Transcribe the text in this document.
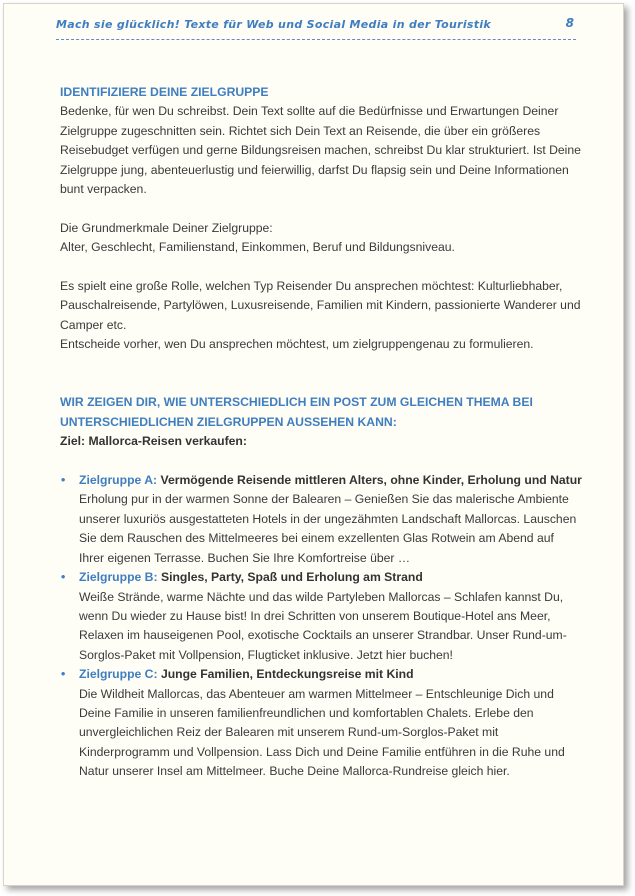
Mach sie glücklich! Texte für Web und Social Media in der Touristik	8
IDENTIFIZIERE DEINE ZIELGRUPPE

Bedenke, für wen Du schreibst. Dein Text sollte auf die Bedürfnisse und Erwartungen Deiner Zielgruppe zugeschnitten sein. Richtet sich Dein Text an Reisende, die über ein größeres Reisebudget verfügen und gerne Bildungsreisen machen, schreibst Du klar strukturiert. Ist Deine Zielgruppe jung, abenteuerlustig und feierwillig, darfst Du flapsig sein und Deine Informationen bunt verpacken.

Die Grundmerkmale Deiner Zielgruppe:

Alter, Geschlecht, Familienstand, Einkommen, Beruf und Bildungsniveau.

Es spielt eine große Rolle, welchen Typ Reisender Du ansprechen möchtest: Kulturliebhaber, Pauschalreisende, Partylöwen, Luxusreisende, Familien mit Kindern, passionierte Wanderer und Camper etc.

Entscheide vorher, wen Du ansprechen möchtest, um zielgruppengenau zu formulieren.

WIR ZEIGEN DIR, WIE UNTERSCHIEDLICH EIN POST ZUM GLEICHEN THEMA BEI UNTERSCHIEDLICHEN ZIELGRUPPEN AUSSEHEN KANN:

Ziel: Mallorca-Reisen verkaufen:

• Zielgruppe A: Vermögende Reisende mittleren Alters, ohne Kinder, Erholung und Natur
Erholung pur in der warmen Sonne der Balearen – Genießen Sie das malerische Ambiente unserer luxuriös ausgestatteten Hotels in der ungezähmten Landschaft Mallorcas. Lauschen Sie dem Rauschen des Mittelmeeres bei einem exzellenten Glas Rotwein am Abend auf Ihrer eigenen Terrasse. Buchen Sie Ihre Komfortreise über …
• Zielgruppe B: Singles, Party, Spaß und Erholung am Strand
Weiße Strände, warme Nächte und das wilde Partyleben Mallorcas – Schlafen kannst Du, wenn Du wieder zu Hause bist! In drei Schritten von unserem Boutique-Hotel ans Meer, Relaxen im hauseigenen Pool, exotische Cocktails an unserer Strandbar. Unser Rund-um-Sorglos-Paket mit Vollpension, Flugticket inklusive. Jetzt hier buchen!
• Zielgruppe C: Junge Familien, Entdeckungsreise mit Kind
Die Wildheit Mallorcas, das Abenteuer am warmen Mittelmeer – Entschleunige Dich und Deine Familie in unseren familienfreundlichen und komfortablen Chalets. Erlebe den unvergleichlichen Reiz der Balearen mit unserem Rund-um-Sorglos-Paket mit Kinderprogramm und Vollpension. Lass Dich und Deine Familie entführen in die Ruhe und Natur unserer Insel am Mittelmeer. Buche Deine Mallorca-Rundreise gleich hier.
